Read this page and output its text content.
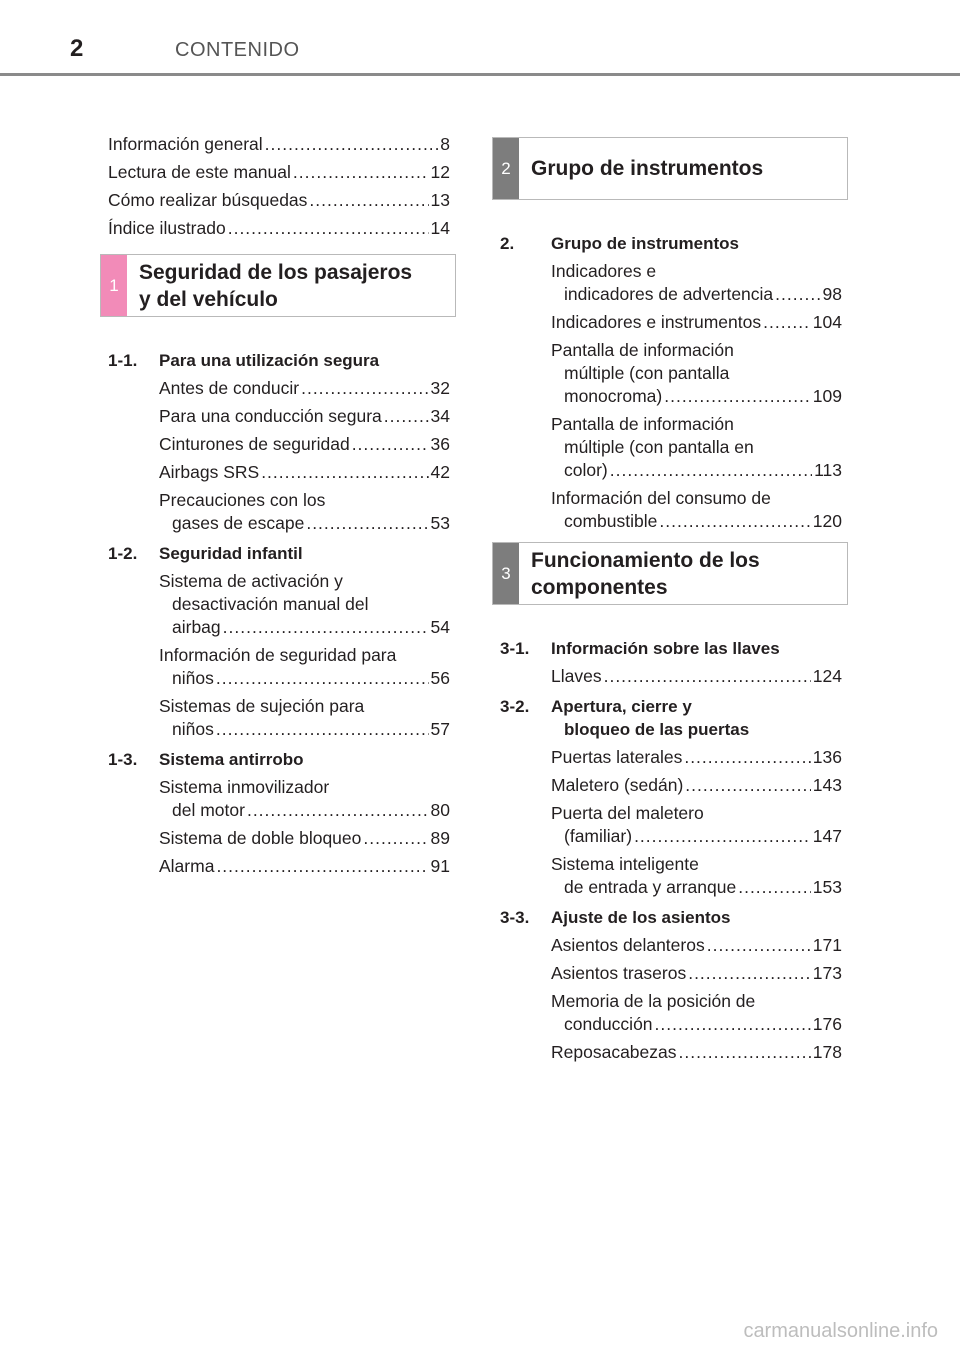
2	CONTENIDO
Información general .....	8
Lectura de este manual .....	12
Cómo realizar búsquedas .....	13
Índice ilustrado .....	14
1
Seguridad de los pasajeros
y del vehículo
1-1.	Para una utilización segura
Antes de conducir .....	32
Para una conducción segura .....	34
Cinturones de seguridad .....	36
Airbags SRS .....	42
Precauciones con los
gases de escape .....	53
1-2.	Seguridad infantil
Sistema de activación y
desactivación manual del
airbag .....	54
Información de seguridad para
niños .....	56
Sistemas de sujeción para
niños .....	57
1-3.	Sistema antirrobo
Sistema inmovilizador
del motor .....	80
Sistema de doble bloqueo .....	89
Alarma .....	91
2 Grupo de instrumentos
2.	Grupo de instrumentos
Indicadores e
indicadores de advertencia .....	98
Indicadores e instrumentos .....	104
Pantalla de información
múltiple (con pantalla
monocroma) .....	109
Pantalla de información
múltiple (con pantalla en
color) .....	113
Información del consumo de
combustible .....	120
3
Funcionamiento de los
componentes
3-1.	Información sobre las llaves
Llaves .....	124
3-2.	Apertura, cierre y
bloqueo de las puertas
Puertas laterales .....	136
Maletero (sedán) .....	143
Puerta del maletero
(familiar) .....	147
Sistema inteligente
de entrada y arranque .....	153
3-3.	Ajuste de los asientos
Asientos delanteros .....	171
Asientos traseros .....	173
Memoria de la posición de
conducción .....	176
Reposacabezas .....	178
carmanualsonline.info
